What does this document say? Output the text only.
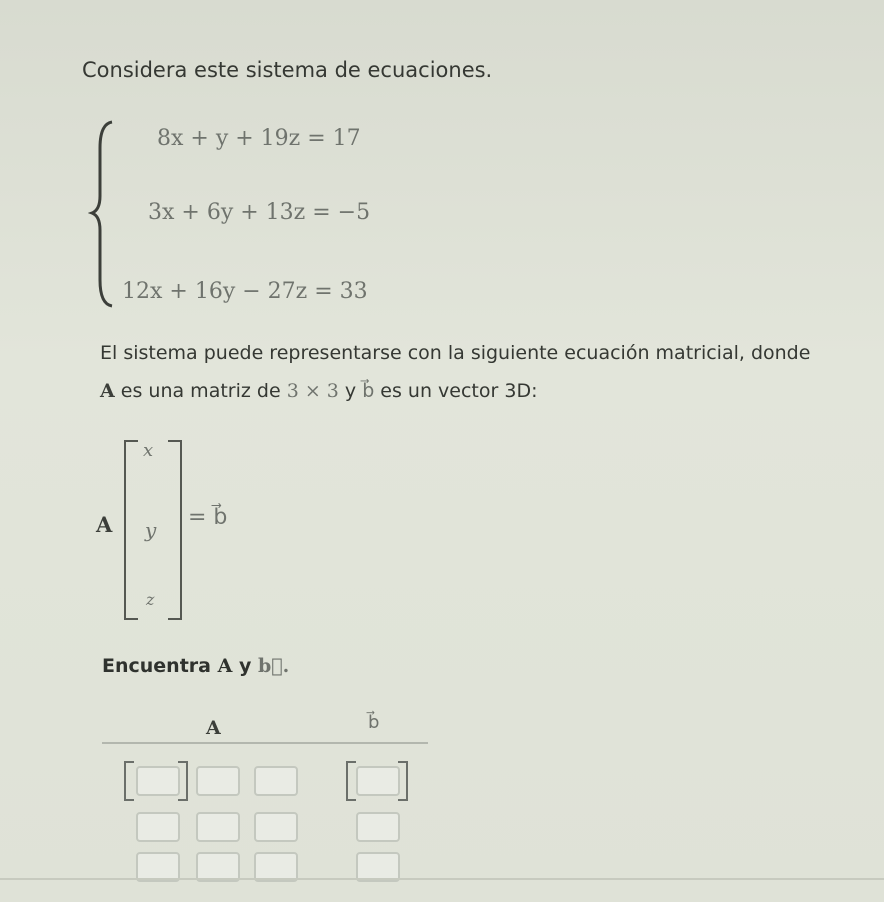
Considera este sistema de ecuaciones.
8x + y + 19z = 17
3x + 6y + 13z = −5
12x + 16y − 27z = 33
El sistema puede representarse con la siguiente ecuación matricial, donde
A es una matriz de 3 × 3 y b⃗ es un vector 3D:
A
x
y
z
= b⃗
Encuentra A y b⃗.
A	b⃗
